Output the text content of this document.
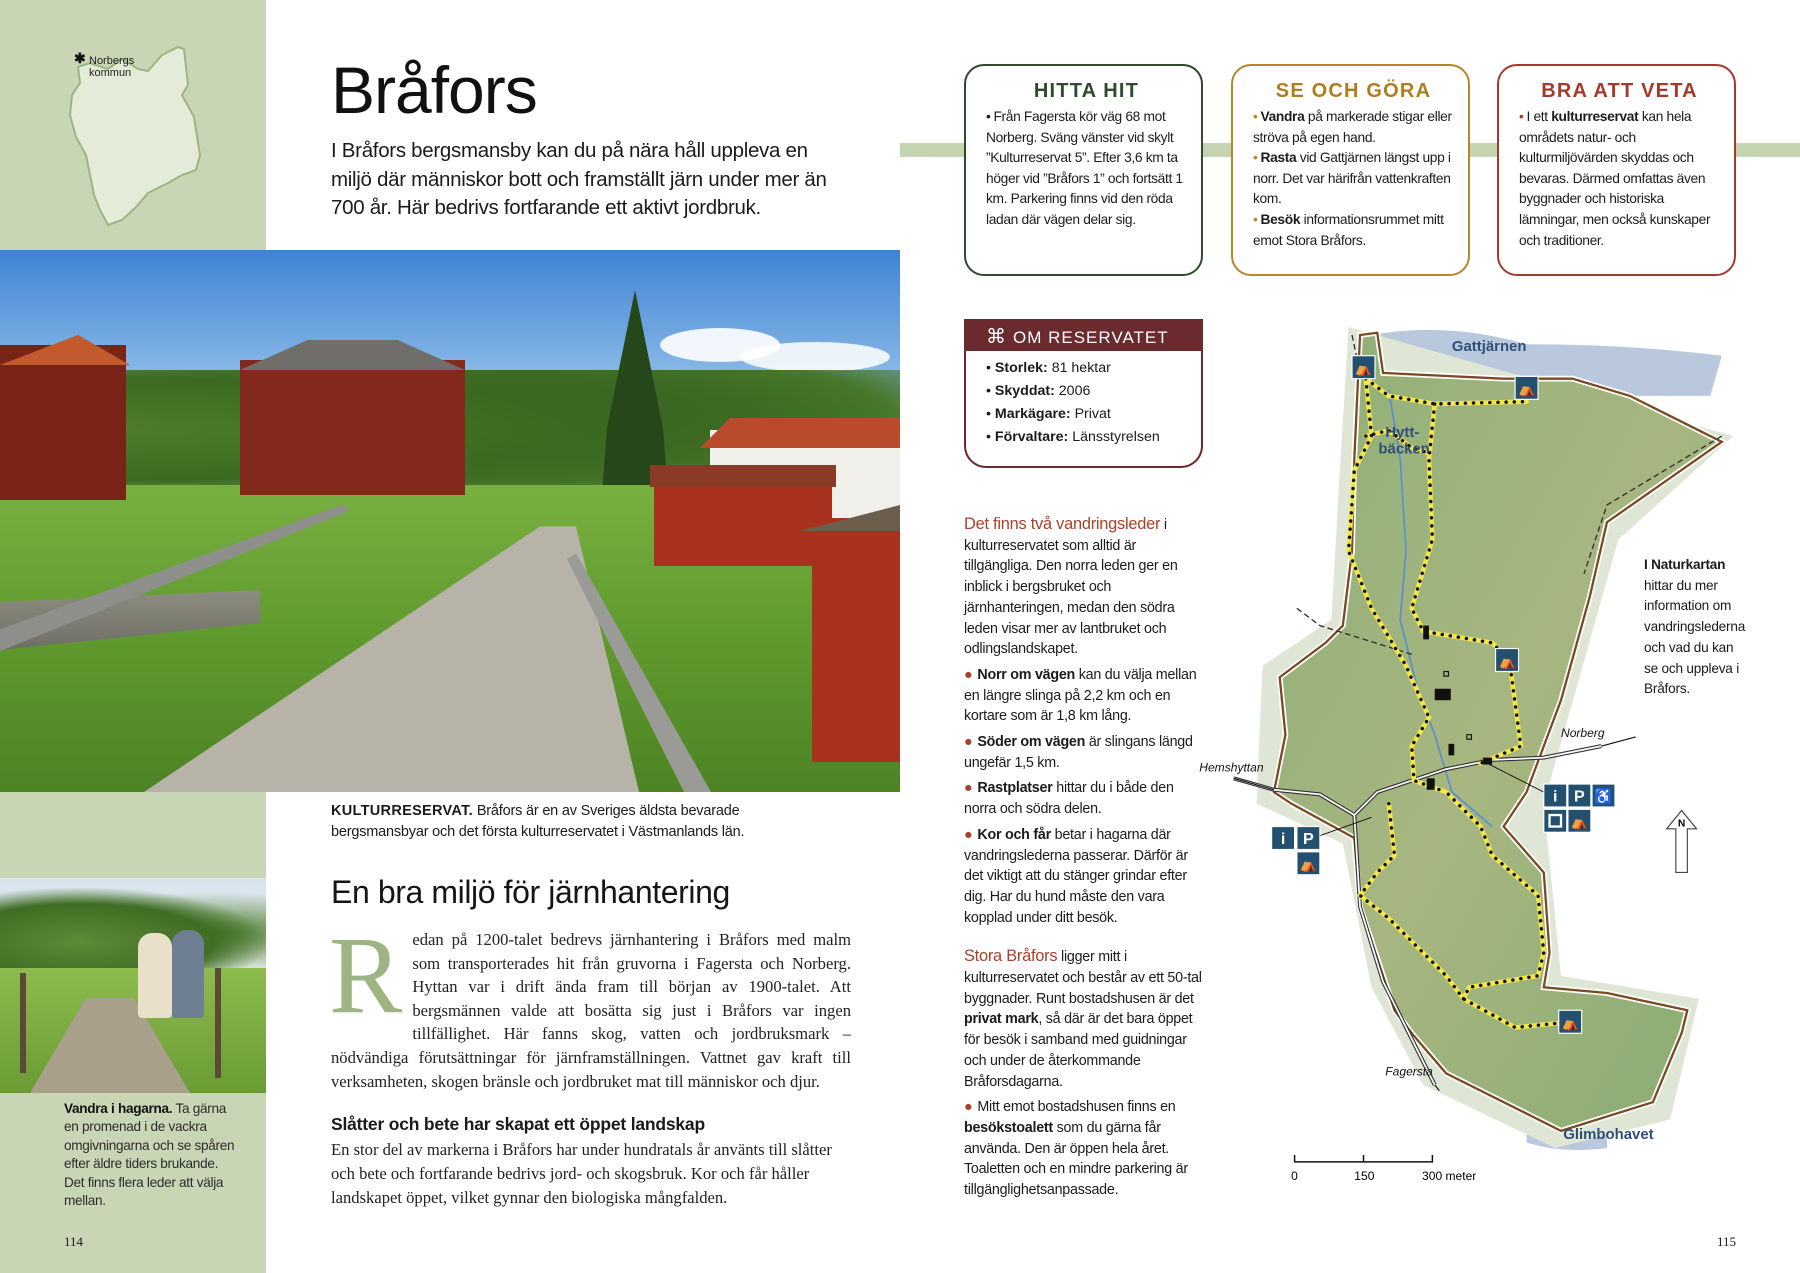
✱ Norbergs
kommun	Bråfors

I Bråfors bergsmansby kan du på nära håll uppleva en miljö där människor bott och framställt järn under mer än 700 år. Här bedrivs fortfarande ett aktivt jordbruk.

KULTURRESERVAT. Bråfors är en av Sveriges äldsta bevarade bergsmansbyar och det första kulturreservatet i Västmanlands län.

En bra miljö för järnhantering
Redan på 1200-talet bedrevs järnhantering i Bråfors med malm som transporterades hit från gruvorna i Fagersta och Norberg. Hyttan var i drift ända fram till början av 1900-talet. Att bergsmännen valde att bosätta sig just i Bråfors var ingen tillfällighet. Här fanns skog, vatten och jordbruksmark – nödvändiga förutsättningar för järnframställningen. Vattnet gav kraft till verksamheten, skogen bränsle och jordbruket mat till människor och djur.
Slåtter och bete har skapat ett öppet landskap

En stor del av markerna i Bråfors har under hundratals år använts till slåtter och bete och fortfarande bedrivs jord- och skogsbruk. Kor och får håller landskapet öppet, vilket gynnar den biologiska mångfalden.

Vandra i hagarna. Ta gärna en promenad i de vackra omgivningarna och se spåren efter äldre tiders brukande. Det finns flera leder att välja mellan.

114	115
HITTA HIT

• Från Fagersta kör väg 68 mot Norberg. Sväng vänster vid skylt ”Kulturreservat 5”. Efter 3,6 km ta höger vid ”Bråfors 1” och fortsätt 1 km. Parkering finns vid den röda ladan där vägen delar sig.

SE OCH GÖRA

• Vandra på markerade stigar eller ströva på egen hand.

• Rasta vid Gattjärnen längst upp i norr. Det var härifrån vattenkraften kom.

• Besök informationsrummet mitt emot Stora Bråfors.

BRA ATT VETA

• I ett kulturreservat kan hela områdets natur- och kulturmiljövärden skyddas och bevaras. Därmed omfattas även byggnader och historiska lämningar, men också kunskaper och traditioner.

⌘ OM RESERVATET
• Storlek: 81 hektar
• Skyddat: 2006
• Markägare: Privat
• Förvaltare: Länsstyrelsen

Det finns två vandringsleder i kulturreservatet som alltid är tillgängliga. Den norra leden ger en inblick i bergsbruket och järnhanteringen, medan den södra leden visar mer av lantbruket och odlingslandskapet.

● Norr om vägen kan du välja mellan en längre slinga på 2,2 km och en kortare som är 1,8 km lång.

● Söder om vägen är slingans längd ungefär 1,5 km.

● Rastplatser hittar du i både den norra och södra delen.

● Kor och får betar i hagarna där vandringslederna passerar. Därför är det viktigt att du stänger grindar efter dig. Har du hund måste den vara kopplad under ditt besök.

Stora Bråfors ligger mitt i kulturreservatet och består av ett 50-tal byggnader. Runt bostadshusen är det privat mark, så där är det bara öppet för besök i samband med guidningar och under de återkommande Bråforsdagarna.

● Mitt emot bostadshusen finns en besökstoalett som du gärna får använda. Den är öppen hela året. Toaletten och en mindre parkering är tillgänglighetsanpassade.

⛺
⛺
⛺
⛺
i P
⛺
i P ♿
⛺
Gattjärnen
Hytt-
bäcken
Glimbohavet
Hemshyttan
Norberg
Fagersta
N
0	150	300 meter

I Naturkartan hittar du mer information om vandringslederna och vad du kan se och uppleva i Bråfors.
